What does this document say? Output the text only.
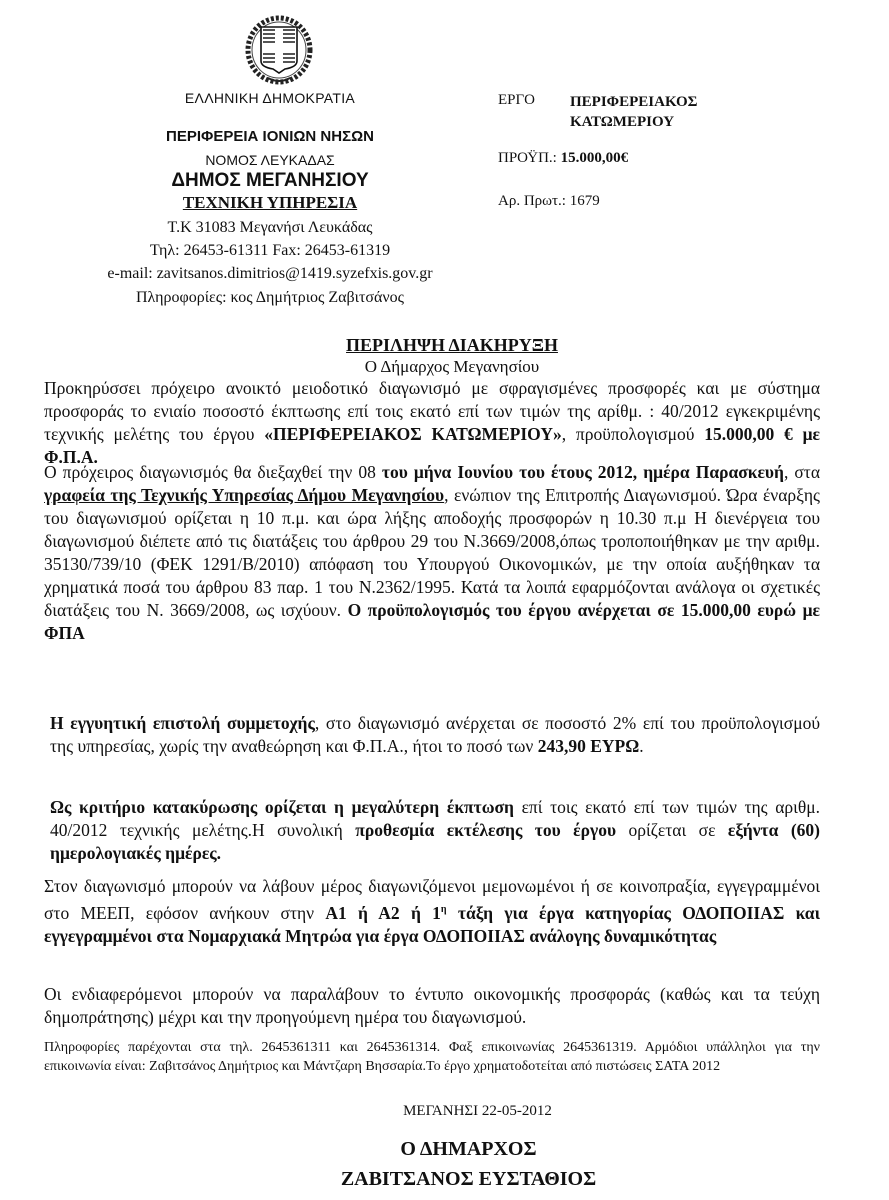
ΕΛΛΗΝΙΚΗ ΔΗΜΟΚΡΑΤΙΑ
ΠΕΡΙΦΕΡΕΙΑ ΙΟΝΙΩΝ ΝΗΣΩΝ
ΝΟΜΟΣ ΛΕΥΚΑΔΑΣ
ΔΗΜΟΣ ΜΕΓΑΝΗΣΙΟΥ
ΤΕΧΝΙΚΗ ΥΠΗΡΕΣΙΑ
Τ.Κ 31083 Μεγανήσι Λευκάδας
Τηλ: 26453-61311 Fax: 26453-61319
e-mail: zavitsanos.dimitrios@1419.syzefxis.gov.gr
Πληροφορίες: κος Δημήτριος Ζαβιτσάνος
ΕΡΓΟ ΠΕΡΙΦΕΡΕΙΑΚΟΣ
ΚΑΤΩΜΕΡΙΟΥ
ΠΡΟΫΠ.: 15.000,00€
Αρ. Πρωτ.: 1679
ΠΕΡΙΛΗΨΗ ΔΙΑΚΗΡΥΞΗ
Ο Δήμαρχος Μεγανησίου
Προκηρύσσει πρόχειρο ανοικτό μειοδοτικό διαγωνισμό με σφραγισμένες προσφορές και με σύστημα προσφοράς το ενιαίο ποσοστό έκπτωσης επί τοις εκατό επί των τιμών της αρίθμ. : 40/2012 εγκεκριμένης τεχνικής μελέτης του έργου «ΠΕΡΙΦΕΡΕΙΑΚΟΣ ΚΑΤΩΜΕΡΙΟΥ», προϋπολογισμού 15.000,00 € με Φ.Π.Α.
Ο πρόχειρος διαγωνισμός θα διεξαχθεί την 08 του μήνα Ιουνίου του έτους 2012, ημέρα Παρασκευή, στα γραφεία της Τεχνικής Υπηρεσίας Δήμου Μεγανησίου, ενώπιον της Επιτροπής Διαγωνισμού. Ώρα έναρξης του διαγωνισμού ορίζεται η 10 π.μ. και ώρα λήξης αποδοχής προσφορών η 10.30 π.μ Η διενέργεια του διαγωνισμού διέπετε από τις διατάξεις του άρθρου 29 του Ν.3669/2008,όπως τροποποιήθηκαν με την αριθμ. 35130/739/10 (ΦΕΚ 1291/Β/2010) απόφαση του Υπουργού Οικονομικών, με την οποία αυξήθηκαν τα χρηματικά ποσά του άρθρου 83 παρ. 1 του Ν.2362/1995. Κατά τα λοιπά εφαρμόζονται ανάλογα οι σχετικές διατάξεις του Ν. 3669/2008, ως ισχύουν. Ο προϋπολογισμός του έργου ανέρχεται σε 15.000,00 ευρώ με ΦΠΑ
Η εγγυητική επιστολή συμμετοχής, στο διαγωνισμό ανέρχεται σε ποσοστό 2% επί του προϋπολογισμού της υπηρεσίας, χωρίς την αναθεώρηση και Φ.Π.Α., ήτοι το ποσό των 243,90 ΕΥΡΩ.
Ως κριτήριο κατακύρωσης ορίζεται η μεγαλύτερη έκπτωση επί τοις εκατό επί των τιμών της αριθμ. 40/2012 τεχνικής μελέτης.Η συνολική προθεσμία εκτέλεσης του έργου ορίζεται σε εξήντα (60) ημερολογιακές ημέρες.
Στον διαγωνισμό μπορούν να λάβουν μέρος διαγωνιζόμενοι μεμονωμένοι ή σε κοινοπραξία, εγγεγραμμένοι στο ΜΕΕΠ, εφόσον ανήκουν στην Α1 ή Α2 ή $1^\eta$ τάξη για έργα κατηγορίας ΟΔΟΠΟΙΙΑΣ και εγγεγραμμένοι στα Νομαρχιακά Μητρώα για έργα ΟΔΟΠΟΙΙΑΣ ανάλογης δυναμικότητας
Οι ενδιαφερόμενοι μπορούν να παραλάβουν το έντυπο οικονομικής προσφοράς (καθώς και τα τεύχη δημοπράτησης) μέχρι και την προηγούμενη ημέρα του διαγωνισμού.
Πληροφορίες παρέχονται στα τηλ. 2645361311 και 2645361314. Φαξ επικοινωνίας 2645361319. Αρμόδιοι υπάλληλοι για την επικοινωνία είναι: Ζαβιτσάνος Δημήτριος και Μάντζαρη Βησσαρία.Το έργο χρηματοδοτείται από πιστώσεις ΣΑΤΑ 2012
ΜΕΓΑΝΗΣΙ 22-05-2012
Ο ΔΗΜΑΡΧΟΣ
ΖΑΒΙΤΣΑΝΟΣ ΕΥΣΤΑΘΙΟΣ
